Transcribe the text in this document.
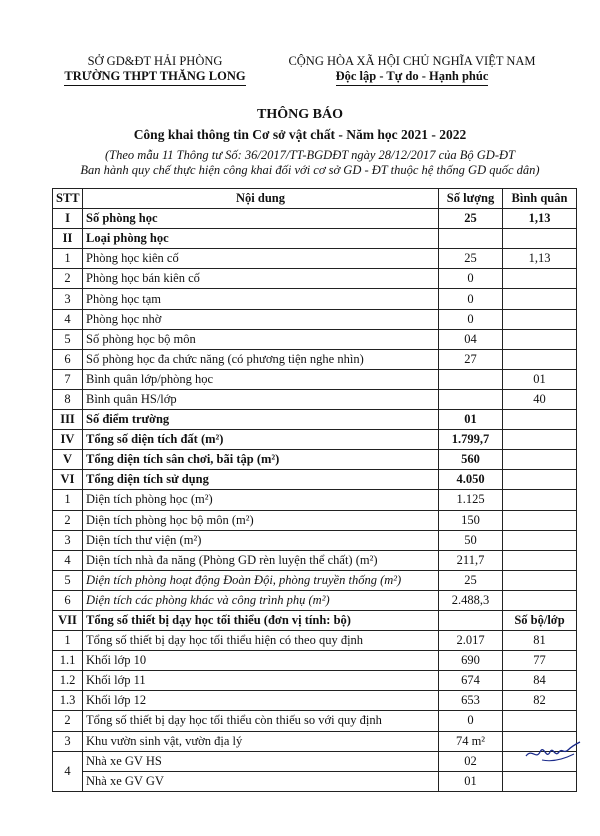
SỞ GD&ĐT HẢI PHÒNG
TRƯỜNG THPT THĂNG LONG
CỘNG HÒA XÃ HỘI CHỦ NGHĨA VIỆT NAM
Độc lập - Tự do - Hạnh phúc
THÔNG BÁO
Công khai thông tin Cơ sở vật chất - Năm học 2021 - 2022
(Theo mẫu 11 Thông tư Số: 36/2017/TT-BGDĐT ngày 28/12/2017 của Bộ GD-ĐT
Ban hành quy chế thực hiện công khai đối với cơ sở GD - ĐT thuộc hệ thống GD quốc dân)
STT	Nội dung	Số lượng	Bình quân
I	Số phòng học	25	1,13
II	Loại phòng học		
1	Phòng học kiên cố	25	1,13
2	Phòng học bán kiên cố	0	
3	Phòng học tạm	0	
4	Phòng học nhờ	0	
5	Số phòng học bộ môn	04	
6	Số phòng học đa chức năng (có phương tiện nghe nhìn)	27	
7	Bình quân lớp/phòng học		01
8	Bình quân HS/lớp		40
III	Số điểm trường	01	
IV	Tổng số diện tích đất (m²)	1.799,7	
V	Tổng diện tích sân chơi, bãi tập (m²)	560	
VI	Tổng diện tích sử dụng	4.050	
1	Diện tích phòng học (m²)	1.125	
2	Diện tích phòng học bộ môn (m²)	150	
3	Diện tích thư viện (m²)	50	
4	Diện tích nhà đa năng (Phòng GD rèn luyện thể chất) (m²)	211,7	
5	Diện tích phòng hoạt động Đoàn Đội, phòng truyền thống (m²)	25	
6	Diện tích các phòng khác và công trình phụ (m²)	2.488,3	
VII	Tổng số thiết bị dạy học tối thiểu (đơn vị tính: bộ)		Số bộ/lớp
1	Tổng số thiết bị dạy học tối thiểu hiện có theo quy định	2.017	81
1.1	Khối lớp 10	690	77
1.2	Khối lớp 11	674	84
1.3	Khối lớp 12	653	82
2	Tổng số thiết bị dạy học tối thiểu còn thiếu so với quy định	0	
3	Khu vườn sinh vật, vườn địa lý	74 m²	
4	Nhà xe GV HS	02	
	Nhà xe GV GV	01	
